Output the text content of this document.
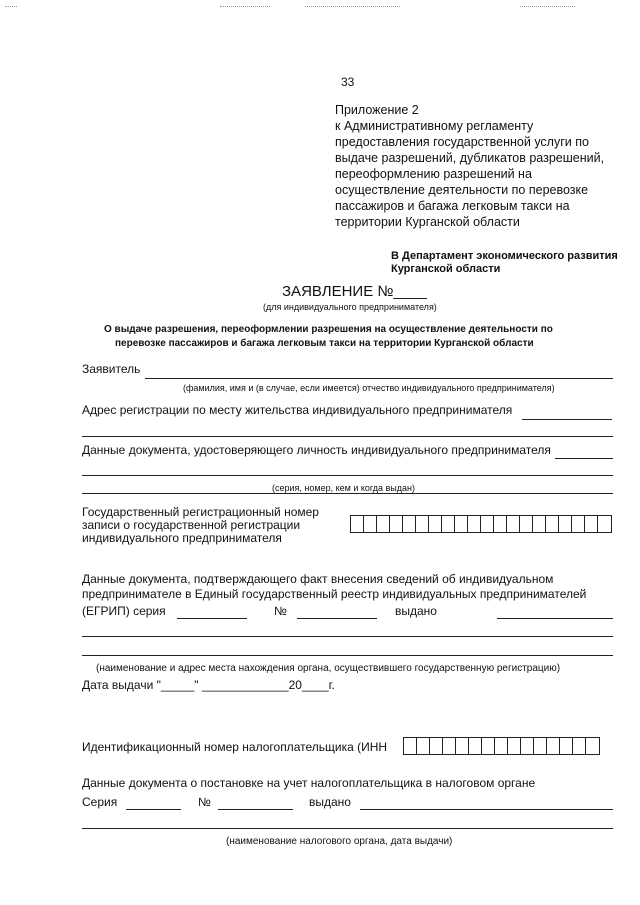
33
Приложение 2
к Административному регламенту
предоставления государственной услуги по
выдаче разрешений, дубликатов разрешений,
переоформлению разрешений на
осуществление деятельности по перевозке
пассажиров и багажа легковым такси на
территории Курганской области
В Департамент экономического развития
Курганской области
ЗАЯВЛЕНИЕ №____
(для индивидуального предпринимателя)
О выдаче разрешения, переоформлении разрешения на осуществление деятельности по
перевозке пассажиров и багажа легковым такси на территории Курганской области
Заявитель
(фамилия, имя и (в случае, если имеется) отчество индивидуального предпринимателя)
Адрес регистрации по месту жительства индивидуального предпринимателя
Данные документа, удостоверяющего личность индивидуального предпринимателя
(серия, номер, кем и когда выдан)
Государственный регистрационный номер
записи о государственной регистрации
индивидуального предпринимателя
Данные документа, подтверждающего факт внесения сведений об индивидуальном
предпринимателе в Единый государственный реестр индивидуальных предпринимателей
(ЕГРИП) серия	№	выдано
(наименование и адрес места нахождения органа, осуществившего государственную регистрацию)
Дата выдачи "_____" _____________20____г.
Идентификационный номер налогоплательщика (ИНН
Данные документа о постановке на учет налогоплательщика в налоговом органе
Серия	№	выдано
(наименование налогового органа, дата выдачи)
